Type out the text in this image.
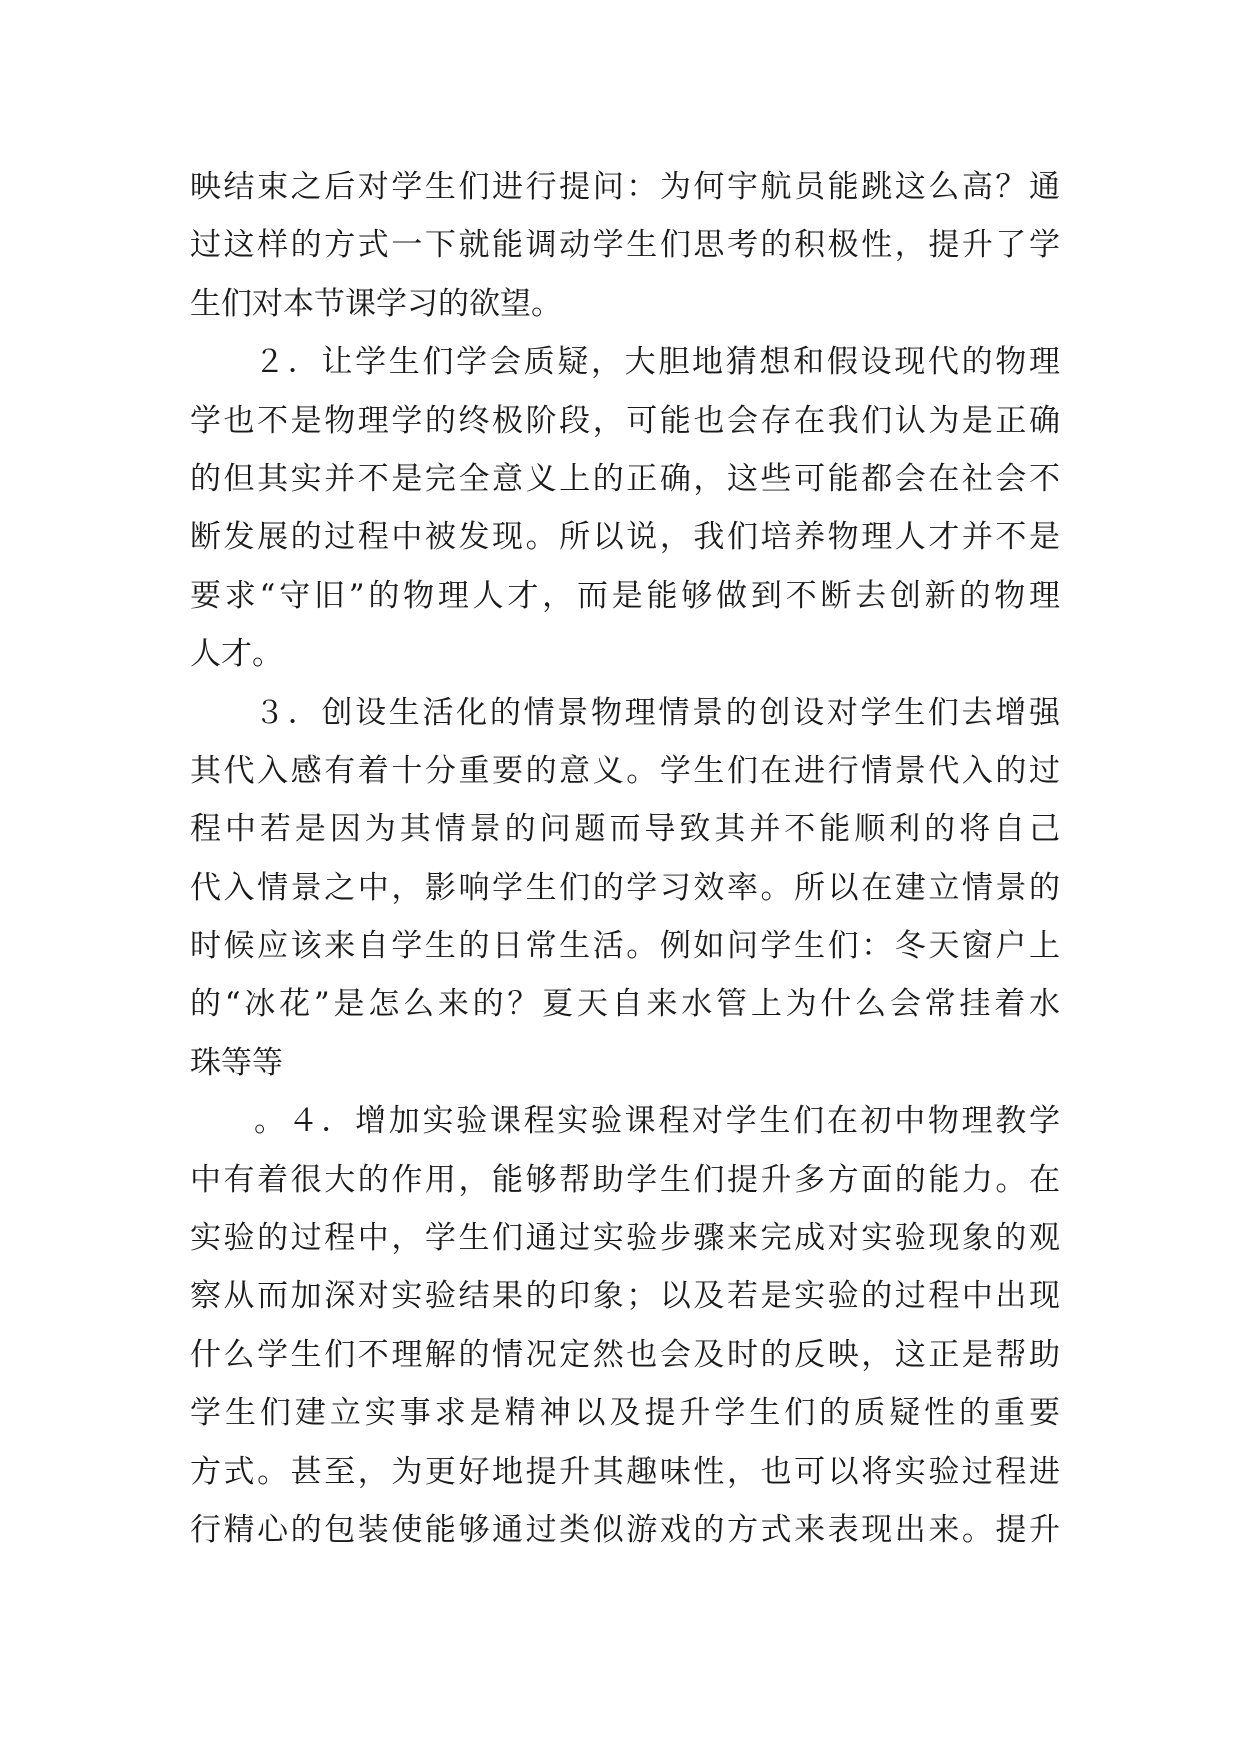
映结束之后对学生们进行提问：为何宇航员能跳这么高？通
过这样的方式一下就能调动学生们思考的积极性，提升了学
生们对本节课学习的欲望。
２．让学生们学会质疑，大胆地猜想和假设现代的物理
学也不是物理学的终极阶段，可能也会存在我们认为是正确
的但其实并不是完全意义上的正确，这些可能都会在社会不
断发展的过程中被发现。所以说，我们培养物理人才并不是
要求“守旧”的物理人才，而是能够做到不断去创新的物理
人才。
３．创设生活化的情景物理情景的创设对学生们去增强
其代入感有着十分重要的意义。学生们在进行情景代入的过
程中若是因为其情景的问题而导致其并不能顺利的将自己
代入情景之中，影响学生们的学习效率。所以在建立情景的
时候应该来自学生的日常生活。例如问学生们：冬天窗户上
的“冰花”是怎么来的？夏天自来水管上为什么会常挂着水
珠等等
。４．增加实验课程实验课程对学生们在初中物理教学
中有着很大的作用，能够帮助学生们提升多方面的能力。在
实验的过程中，学生们通过实验步骤来完成对实验现象的观
察从而加深对实验结果的印象；以及若是实验的过程中出现
什么学生们不理解的情况定然也会及时的反映，这正是帮助
学生们建立实事求是精神以及提升学生们的质疑性的重要
方式。甚至，为更好地提升其趣味性，也可以将实验过程进
行精心的包装使能够通过类似游戏的方式来表现出来。提升
